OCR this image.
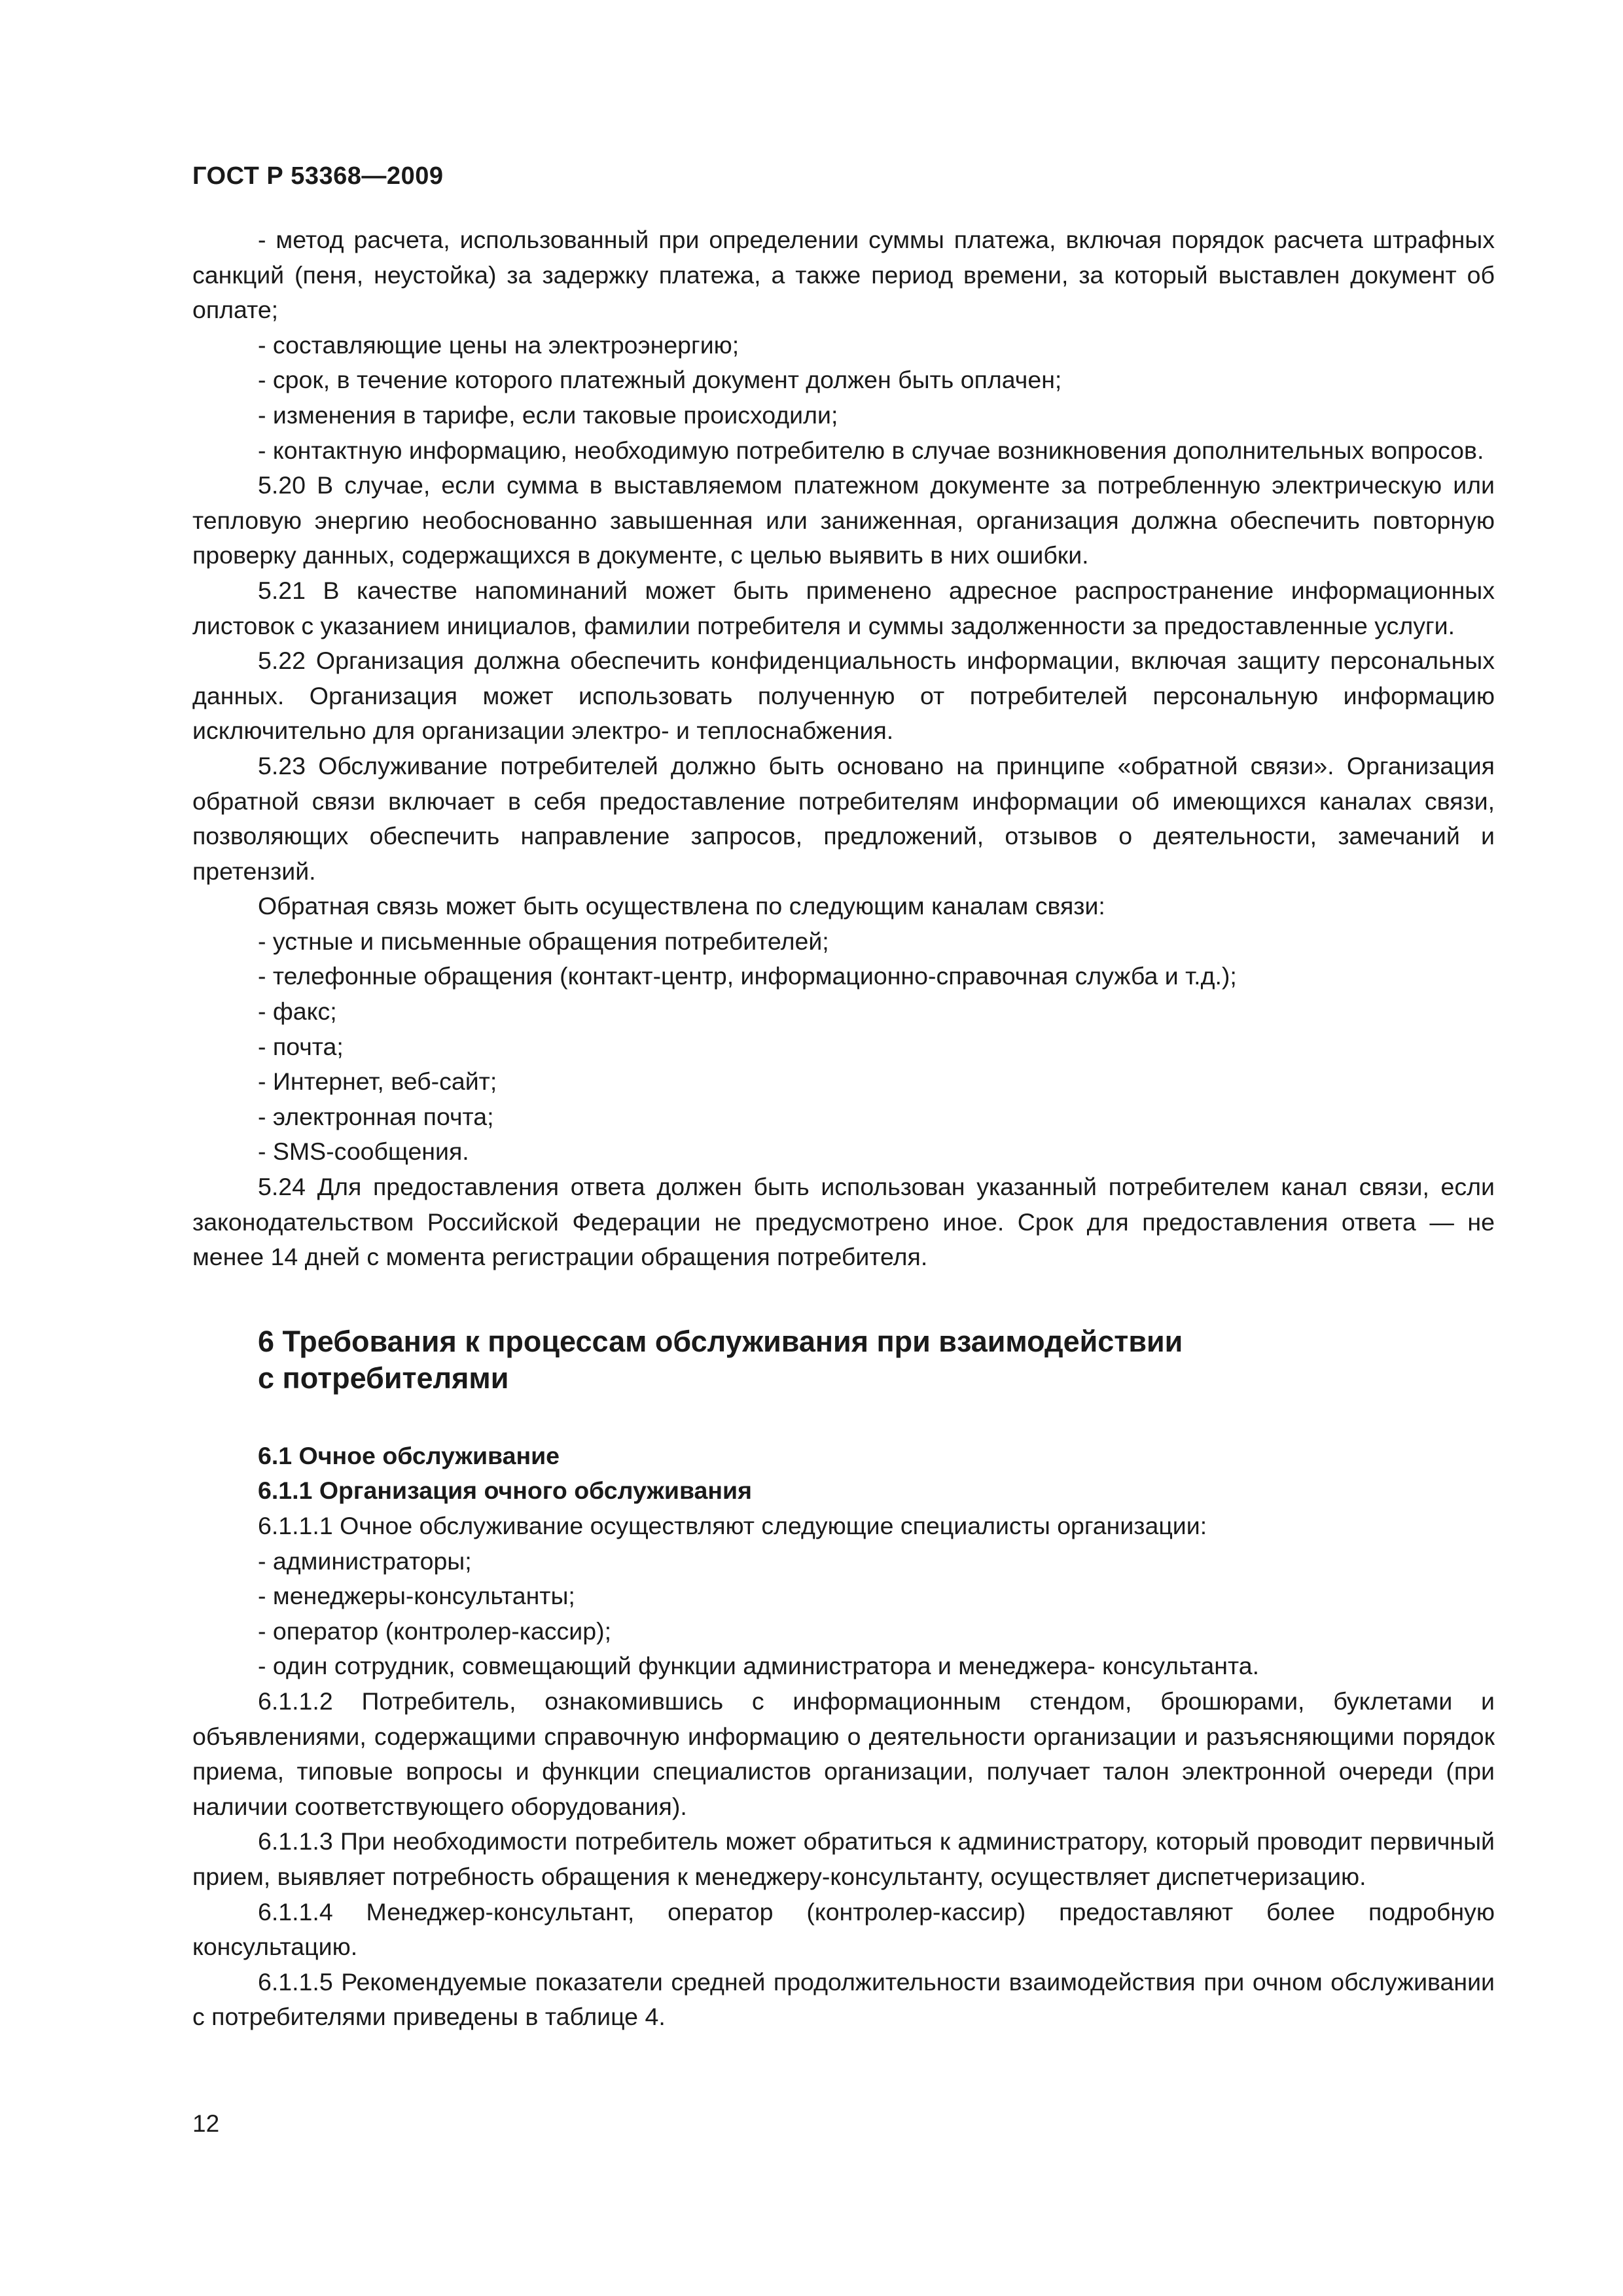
ГОСТ Р 53368—2009

- метод расчета, использованный при определении суммы платежа, включая порядок расчета штрафных санкций (пеня, неустойка) за задержку платежа, а также период времени, за который выставлен документ об оплате;

- составляющие цены на электроэнергию;

- срок, в течение которого платежный документ должен быть оплачен;

- изменения в тарифе, если таковые происходили;

- контактную информацию, необходимую потребителю в случае возникновения дополнительных вопросов.

5.20 В случае, если сумма в выставляемом платежном документе за потребленную электрическую или тепловую энергию необоснованно завышенная или заниженная, организация должна обеспечить повторную проверку данных, содержащихся в документе, с целью выявить в них ошибки.

5.21 В качестве напоминаний может быть применено адресное распространение информационных листовок с указанием инициалов, фамилии потребителя и суммы задолженности за предоставленные услуги.

5.22 Организация должна обеспечить конфиденциальность информации, включая защиту персональных данных. Организация может использовать полученную от потребителей персональную информацию исключительно для организации электро- и теплоснабжения.

5.23 Обслуживание потребителей должно быть основано на принципе «обратной связи». Организация обратной связи включает в себя предоставление потребителям информации об имеющихся каналах связи, позволяющих обеспечить направление запросов, предложений, отзывов о деятельности, замечаний и претензий.

Обратная связь может быть осуществлена по следующим каналам связи:

- устные и письменные обращения потребителей;

- телефонные обращения (контакт-центр, информационно-справочная служба и т.д.);

- факс;

- почта;

- Интернет, веб-сайт;

- электронная почта;

- SMS-сообщения.

5.24 Для предоставления ответа должен быть использован указанный потребителем канал связи, если законодательством Российской Федерации не предусмотрено иное. Срок для предоставления ответа — не менее 14 дней с момента регистрации обращения потребителя.

6 Требования к процессам обслуживания при взаимодействии
с потребителями

6.1 Очное обслуживание

6.1.1 Организация очного обслуживания

6.1.1.1 Очное обслуживание осуществляют следующие специалисты организации:

- администраторы;

- менеджеры-консультанты;

- оператор (контролер-кассир);

- один сотрудник, совмещающий функции администратора и менеджера- консультанта.

6.1.1.2 Потребитель, ознакомившись с информационным стендом, брошюрами, буклетами и объявлениями, содержащими справочную информацию о деятельности организации и разъясняющими порядок приема, типовые вопросы и функции специалистов организации, получает талон электронной очереди (при наличии соответствующего оборудования).

6.1.1.3 При необходимости потребитель может обратиться к администратору, который проводит первичный прием, выявляет потребность обращения к менеджеру-консультанту, осуществляет диспетчеризацию.

6.1.1.4 Менеджер-консультант, оператор (контролер-кассир) предоставляют более подробную консультацию.

6.1.1.5 Рекомендуемые показатели средней продолжительности взаимодействия при очном обслуживании с потребителями приведены в таблице 4.

12
